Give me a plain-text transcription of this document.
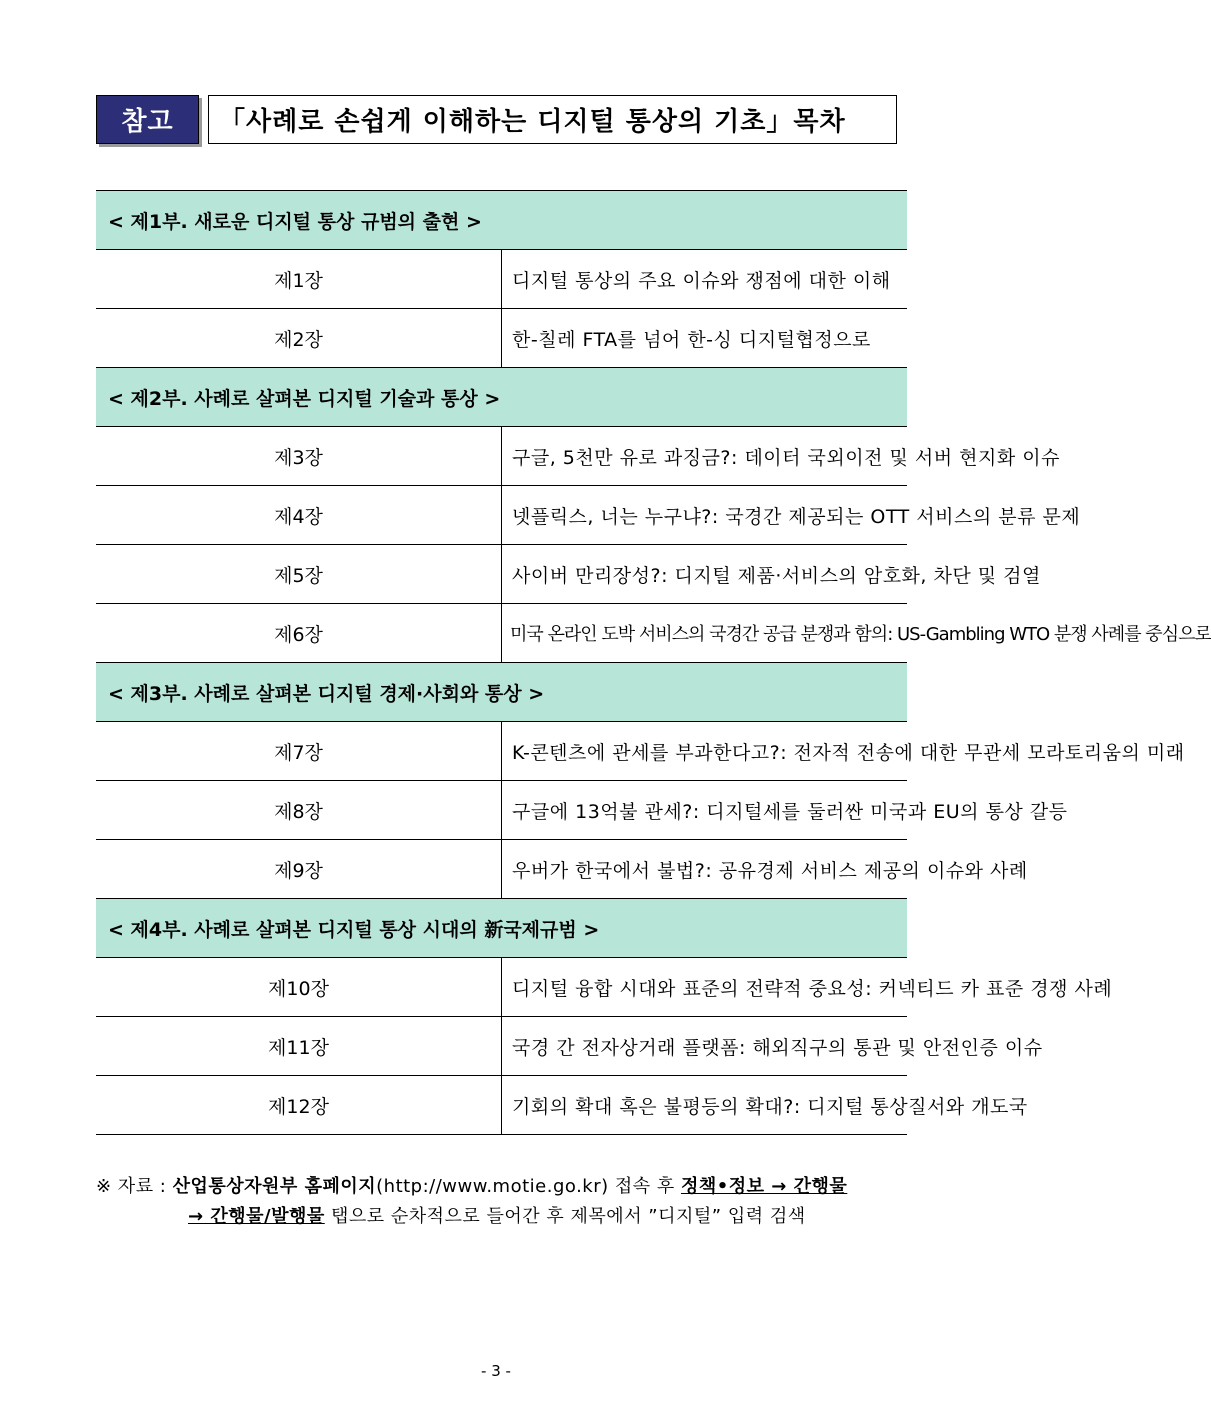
참고	「사례로 손쉽게 이해하는 디지털 통상의 기초」목차
< 제1부. 새로운 디지털 통상 규범의 출현 >	
제1장	디지털 통상의 주요 이슈와 쟁점에 대한 이해
제2장	한-칠레 FTA를 넘어 한-싱 디지털협정으로
< 제2부. 사례로 살펴본 디지털 기술과 통상 >	
제3장	구글, 5천만 유로 과징금?: 데이터 국외이전 및 서버 현지화 이슈
제4장	넷플릭스, 너는 누구냐?: 국경간 제공되는 OTT 서비스의 분류 문제
제5장	사이버 만리장성?: 디지털 제품·서비스의 암호화, 차단 및 검열
제6장	미국 온라인 도박 서비스의 국경간 공급 분쟁과 함의: US-Gambling WTO 분쟁 사례를 중심으로
< 제3부. 사례로 살펴본 디지털 경제·사회와 통상 >	
제7장	K-콘텐츠에 관세를 부과한다고?: 전자적 전송에 대한 무관세 모라토리움의 미래
제8장	구글에 13억불 관세?: 디지털세를 둘러싼 미국과 EU의 통상 갈등
제9장	우버가 한국에서 불법?: 공유경제 서비스 제공의 이슈와 사례
< 제4부. 사례로 살펴본 디지털 통상 시대의 新국제규범 >	
제10장	디지털 융합 시대와 표준의 전략적 중요성: 커넥티드 카 표준 경쟁 사례
제11장	국경 간 전자상거래 플랫폼: 해외직구의 통관 및 안전인증 이슈
제12장	기회의 확대 혹은 불평등의 확대?: 디지털 통상질서와 개도국
※ 자료 : 산업통상자원부 홈페이지(http://www.motie.go.kr) 접속 후 정책•정보 → 간행물
→ 간행물/발행물 탭으로 순차적으로 들어간 후 제목에서 ”디지털” 입력 검색
- 3 -
